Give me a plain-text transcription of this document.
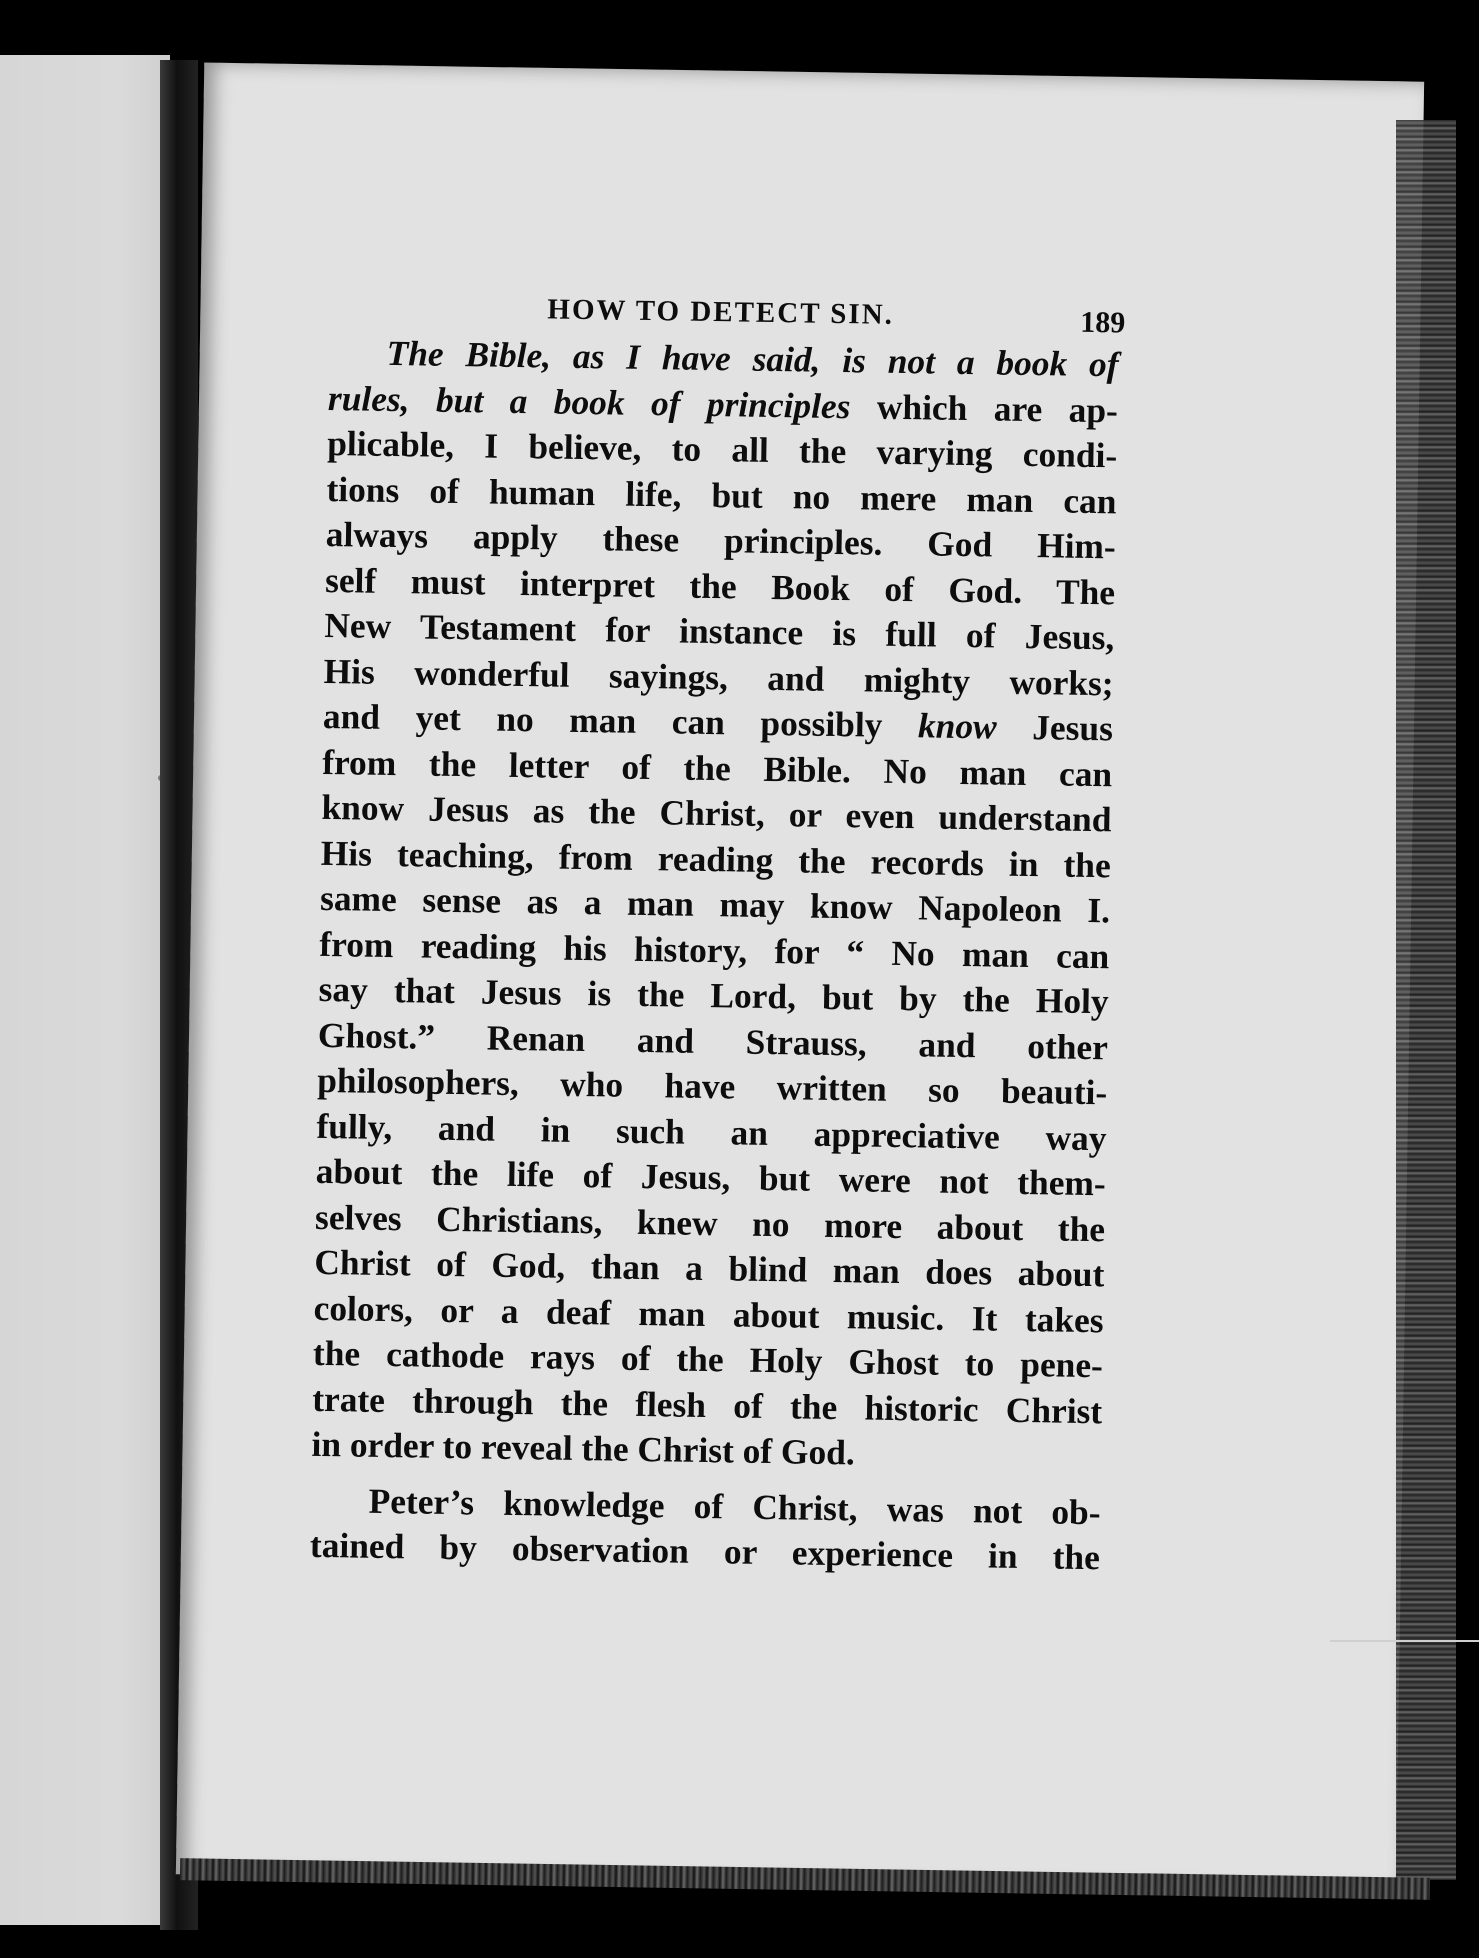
HOW TO DETECT SIN.	189

The Bible, as I have said, is not a book of
rules, but a book of principles which are ap-
plicable, I believe, to all the varying condi-
tions of human life, but no mere man can
always apply these principles. God Him-
self must interpret the Book of God. The
New Testament for instance is full of Jesus,
His wonderful sayings, and mighty works;
and yet no man can possibly know Jesus
from the letter of the Bible. No man can
know Jesus as the Christ, or even understand
His teaching, from reading the records in the
same sense as a man may know Napoleon I.
from reading his history, for “ No man can
say that Jesus is the Lord, but by the Holy
Ghost.” Renan and Strauss, and other
philosophers, who have written so beauti-
fully, and in such an appreciative way
about the life of Jesus, but were not them-
selves Christians, knew no more about the
Christ of God, than a blind man does about
colors, or a deaf man about music. It takes
the cathode rays of the Holy Ghost to pene-
trate through the flesh of the historic Christ
in order to reveal the Christ of God.

Peter’s knowledge of Christ, was not ob-
tained by observation or experience in the
